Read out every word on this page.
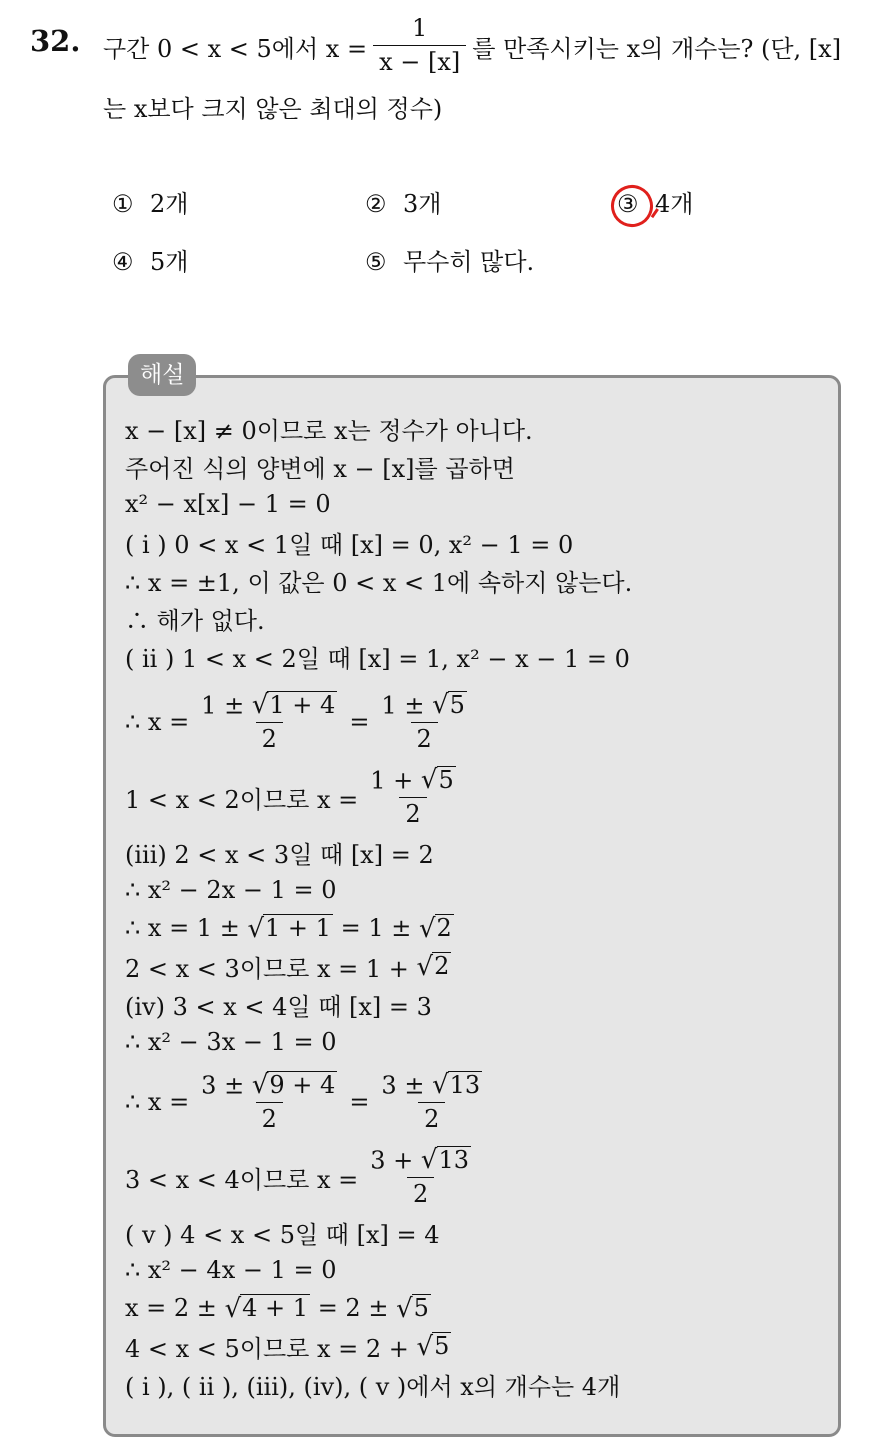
32. 구간 0 < x < 5에서 $x = \frac{1}{x - [x]}$ 를 만족시키는 x의 개수는? (단, [x]
는 x보다 크지 않은 최대의 정수)
① 2개	② 3개	③ 4개
④ 5개	⑤ 무수히 많다.
해설
x − [x] ≠ 0이므로 x는 정수가 아니다.
주어진 식의 양변에 x − [x]를 곱하면
x² − x[x] − 1 = 0
( i ) 0 < x < 1일 때 [x] = 0, x² − 1 = 0
∴ x = ±1, 이 값은 0 < x < 1에 속하지 않는다.
∴ 해가 없다.
( ii ) 1 < x < 2일 때 [x] = 1, x² − x − 1 = 0
∴ $x = \frac{1 \pm √ 1 + 4}{2} = \frac{1 \pm √ 5}{2}$
1 < x < 2이므로 $x = \frac{1 + √ 5}{2}$
(iii) 2 < x < 3일 때 [x] = 2
∴ x² − 2x − 1 = 0
∴ x = 1 ±
√ 1 + 1
= 1 ±
√ 2
2 < x < 3이므로 x = 1 +
√ 2
(iv) 3 < x < 4일 때 [x] = 3
∴ x² − 3x − 1 = 0
∴ $x = \frac{3 \pm √ 9 + 4}{2} = \frac{3 \pm √ 13}{2}$
3 < x < 4이므로 $x = \frac{3 + √ 13}{2}$
( v ) 4 < x < 5일 때 [x] = 4
∴ x² − 4x − 1 = 0
x = 2 ±
√ 4 + 1
= 2 ±
√ 5
4 < x < 5이므로 x = 2 +
√ 5
( i ), ( ii ), (iii), (iv), ( v )에서 x의 개수는 4개
